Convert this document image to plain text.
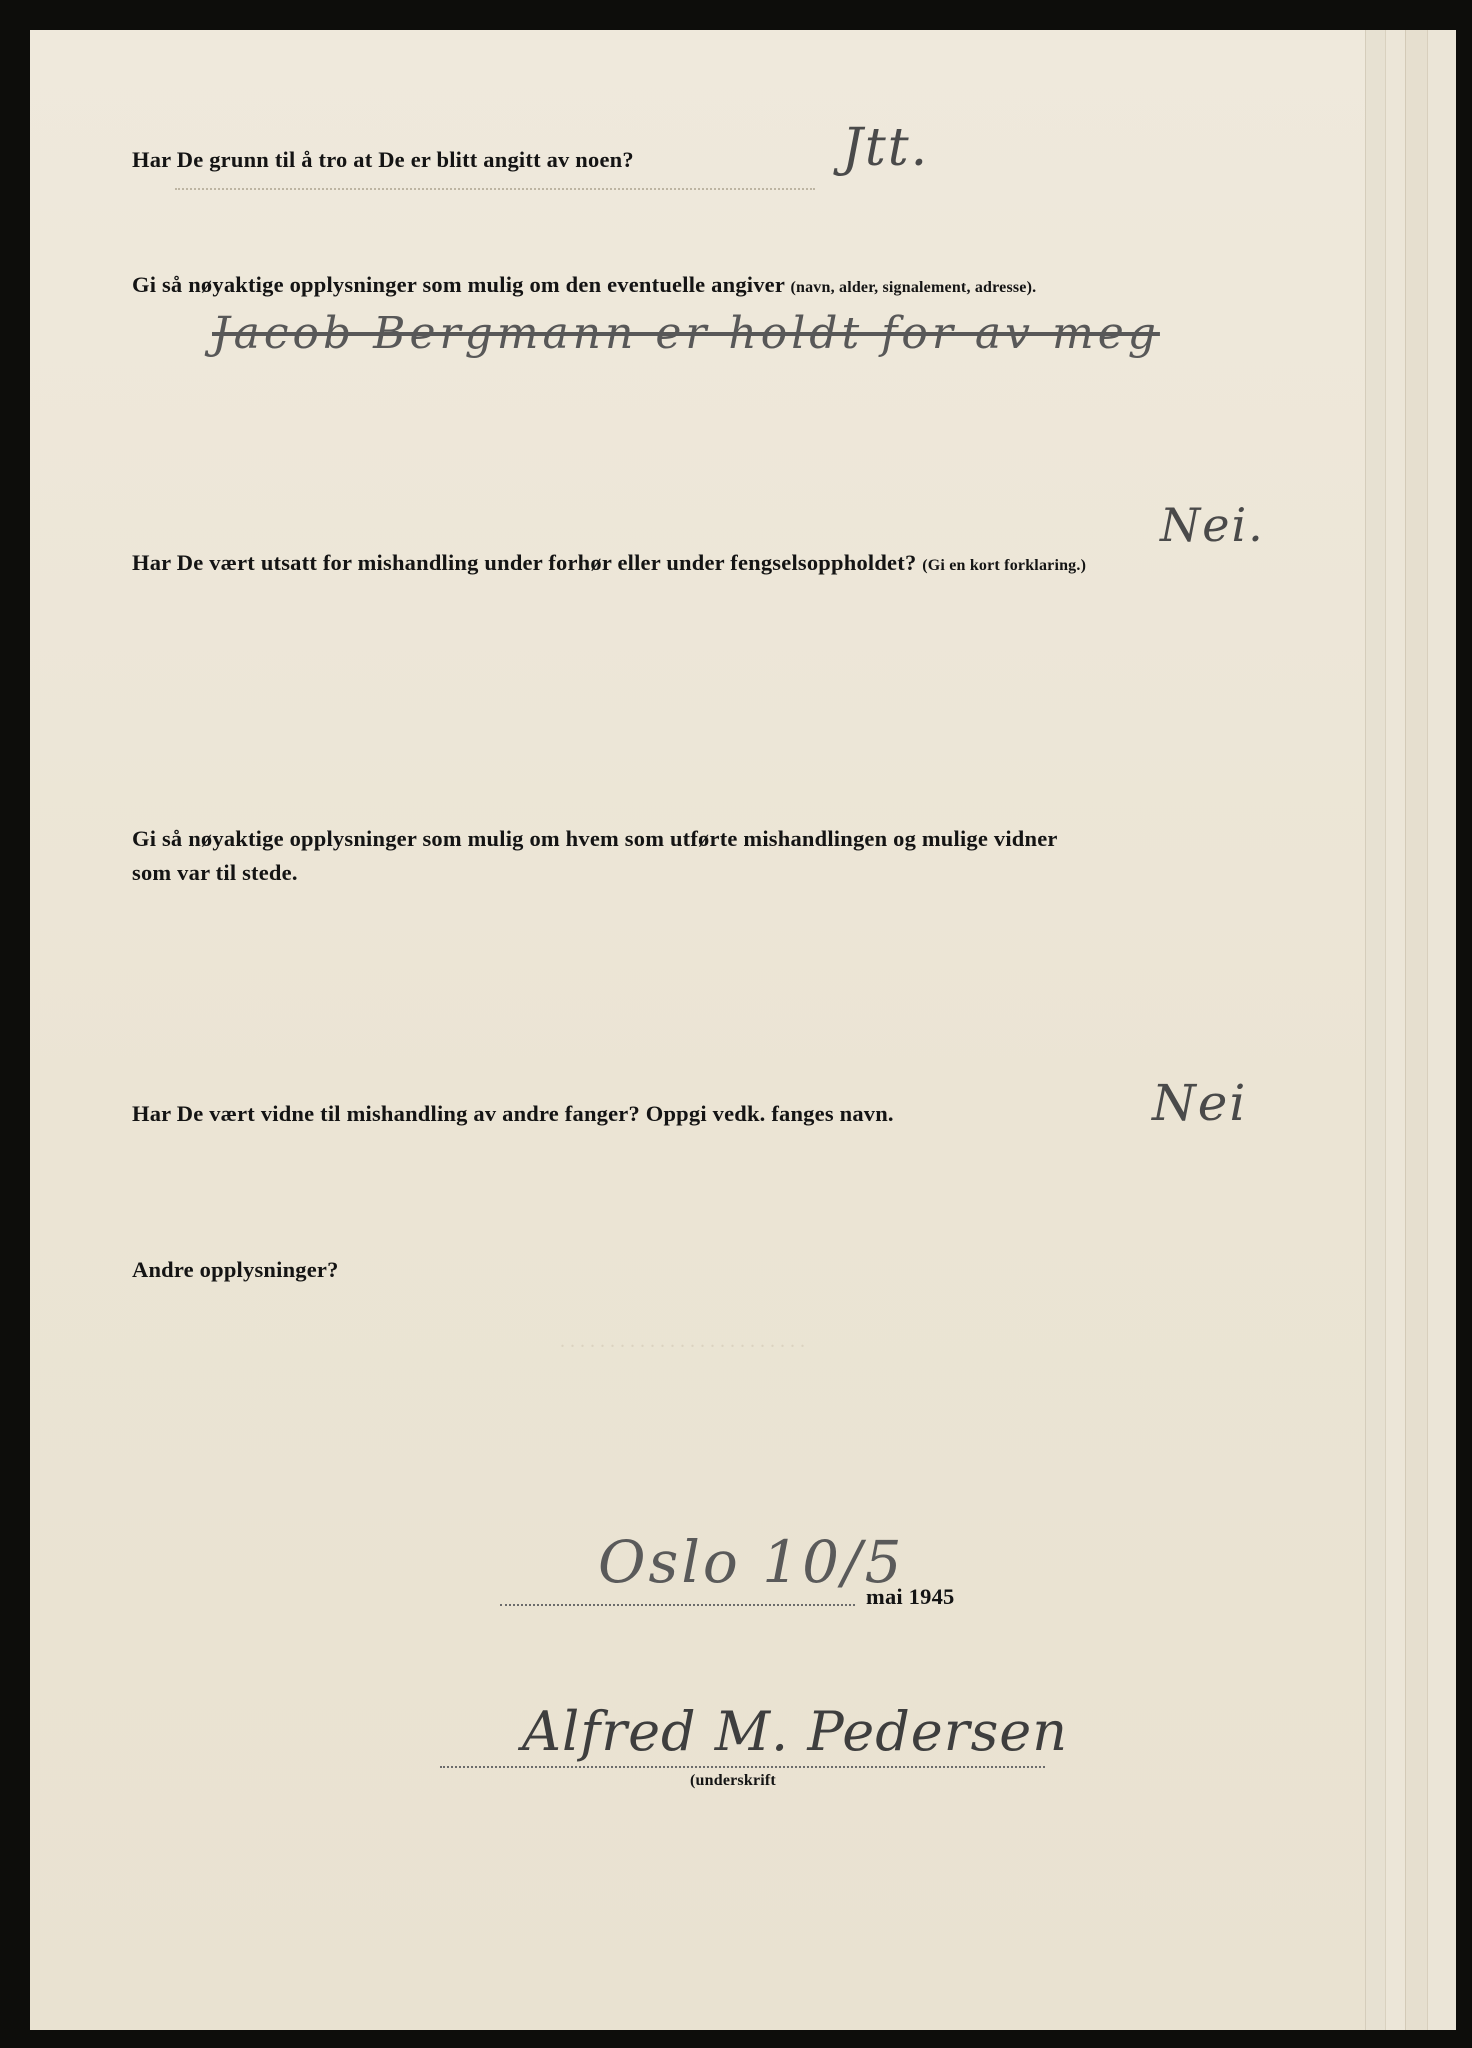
Har De grunn til å tro at De er blitt angitt av noen?	Jtt.

Gi så nøyaktige opplysninger som mulig om den eventuelle angiver (navn, alder, signalement, adresse).

Jacob Bergmann er holdt for av meg

Har De vært utsatt for mishandling under forhør eller under fengselsoppholdet? (Gi en kort forklaring.)

Nei.

Gi så nøyaktige opplysninger som mulig om hvem som utførte mishandlingen og mulige vidner

som var til stede.

Har De vært vidne til mishandling av andre fanger? Oppgi vedk. fanges navn.	Nei

Andre opplysninger?

. . . . . . . . . . . . . . . . . . . . . . . . .

Oslo 10/5

mai 1945

Alfred M. Pedersen

(underskrift
